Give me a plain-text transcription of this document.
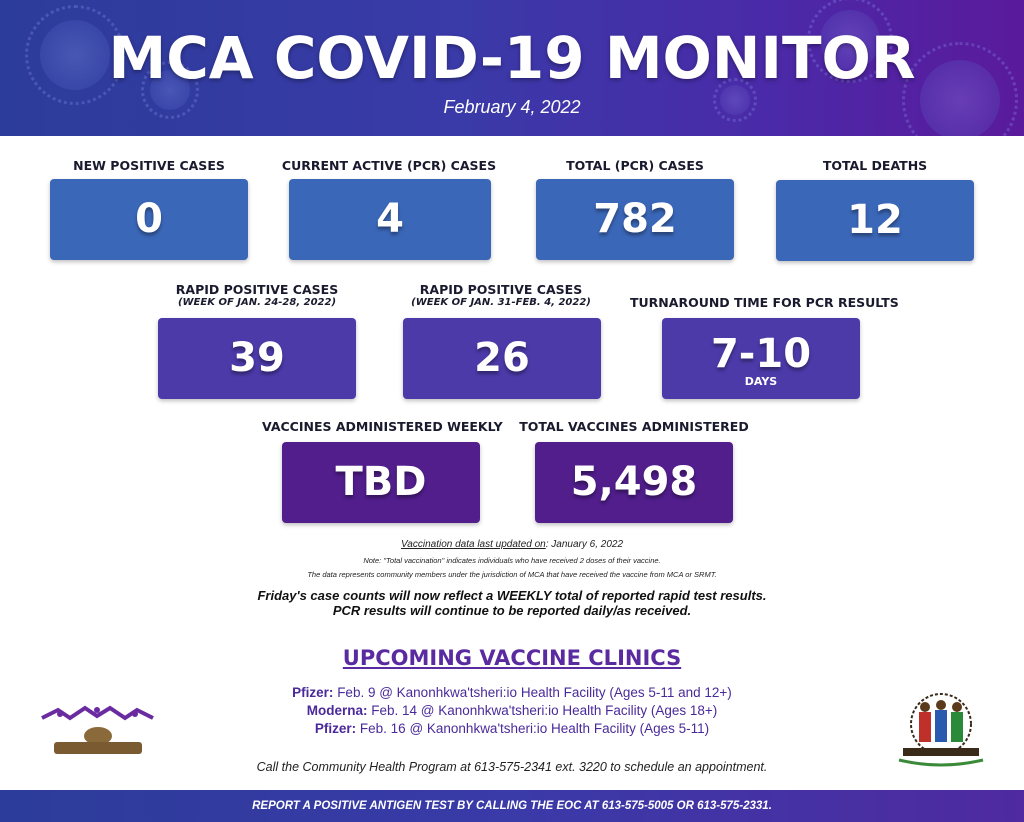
MCA COVID-19 MONITOR
February 4, 2022
NEW POSITIVE CASES
0
CURRENT ACTIVE (PCR) CASES
4
TOTAL (PCR) CASES
782
TOTAL DEATHS
12
RAPID POSITIVE CASES
(WEEK OF JAN. 24-28, 2022)
39
RAPID POSITIVE CASES
(WEEK OF JAN. 31-FEB. 4, 2022)
26
TURNAROUND TIME FOR PCR RESULTS
7-10
DAYS
VACCINES ADMINISTERED WEEKLY
TBD
TOTAL VACCINES ADMINISTERED
5,498
Vaccination data last updated on: January 6, 2022
Note: "Total vaccination" indicates individuals who have received 2 doses of their vaccine.
The data represents community members under the jurisdiction of MCA that have received the vaccine from MCA or SRMT.
Friday's case counts will now reflect a WEEKLY total of reported rapid test results.
PCR results will continue to be reported daily/as received.
UPCOMING VACCINE CLINICS
Pfizer: Feb. 9 @ Kanonhkwa'tsheri:io Health Facility (Ages 5-11 and 12+)
Moderna: Feb. 14 @ Kanonhkwa'tsheri:io Health Facility (Ages 18+)
Pfizer: Feb. 16 @ Kanonhkwa'tsheri:io Health Facility (Ages 5-11)
Call the Community Health Program at 613-575-2341 ext. 3220 to schedule an appointment.
REPORT A POSITIVE ANTIGEN TEST BY CALLING THE EOC AT 613-575-5005 OR 613-575-2331.
